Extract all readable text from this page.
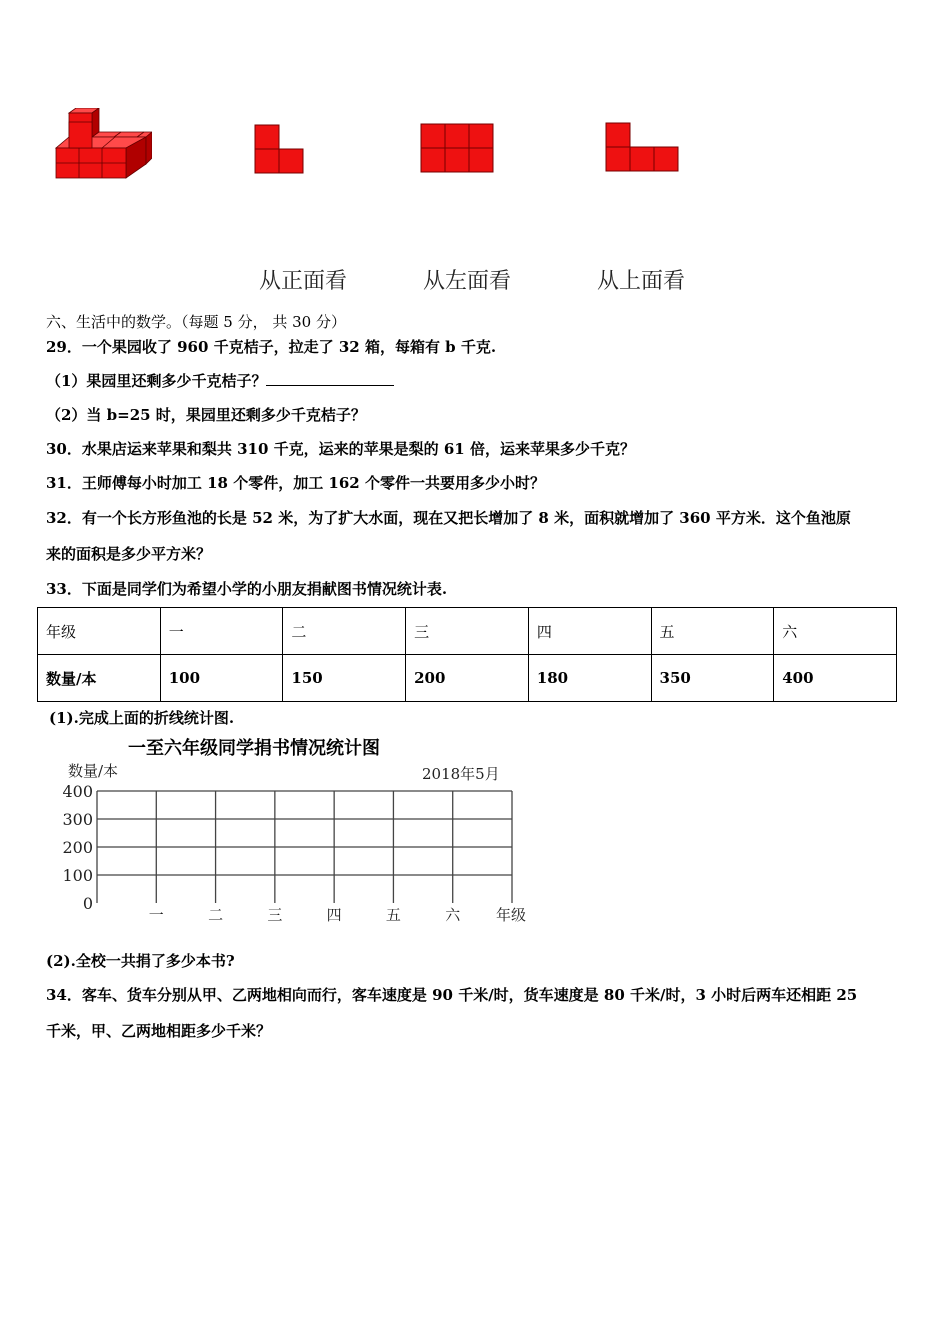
从正面看	从左面看	从上面看
六、生活中的数学。（每题 5 分， 共 30 分）
29．一个果园收了 960 千克桔子，拉走了 32 箱，每箱有 b 千克.
（1）果园里还剩多少千克桔子？
（2）当 b=25 时，果园里还剩多少千克桔子？
30．水果店运来苹果和梨共 310 千克，运来的苹果是梨的 61 倍，运来苹果多少千克？
31．王师傅每小时加工 18 个零件，加工 162 个零件一共要用多少小时？
32．有一个长方形鱼池的长是 52 米，为了扩大水面，现在又把长增加了 8 米，面积就增加了 360 平方米．这个鱼池原
来的面积是多少平方米？
33．下面是同学们为希望小学的小朋友捐献图书情况统计表.
年级	一	二	三	四	五	六
数量/本	100	150	200	180	350	400
(1).完成上面的折线统计图.
一至六年级同学捐书情况统计图
数量/本	2018年5月
年级
400
300
200
100
0
一	二	三	四	五	六
(2).全校一共捐了多少本书?
34．客车、货车分别从甲、乙两地相向而行，客车速度是 90 千米/时，货车速度是 80 千米/时，3 小时后两车还相距 25
千米，甲、乙两地相距多少千米？
